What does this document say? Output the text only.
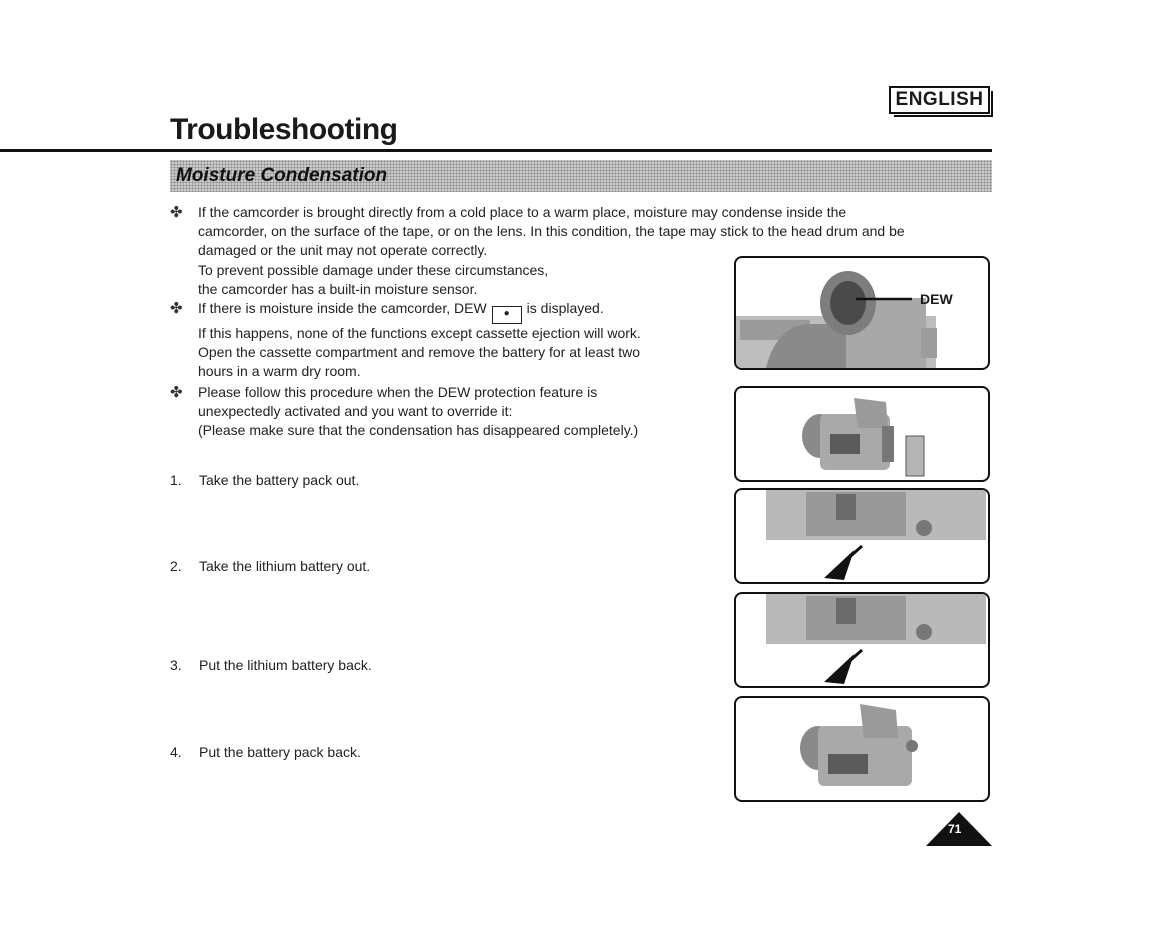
ENGLISH
Troubleshooting
Moisture Condensation
✤ If the camcorder is brought directly from a cold place to a warm place, moisture may condense inside the
camcorder, on the surface of the tape, or on the lens. In this condition, the tape may stick to the head drum and be
damaged or the unit may not operate correctly.
To prevent possible damage under these circumstances,
the camcorder has a built-in moisture sensor.
✤ If there is moisture inside the camcorder, DEW ● is displayed.
If this happens, none of the functions except cassette ejection will work.
Open the cassette compartment and remove the battery for at least two
hours in a warm dry room.
✤ Please follow this procedure when the DEW protection feature is
unexpectedly activated and you want to override it:
(Please make sure that the condensation has disappeared completely.)
1. Take the battery pack out.
2. Take the lithium battery out.
3. Put the lithium battery back.
4. Put the battery pack back.
DEW
71
